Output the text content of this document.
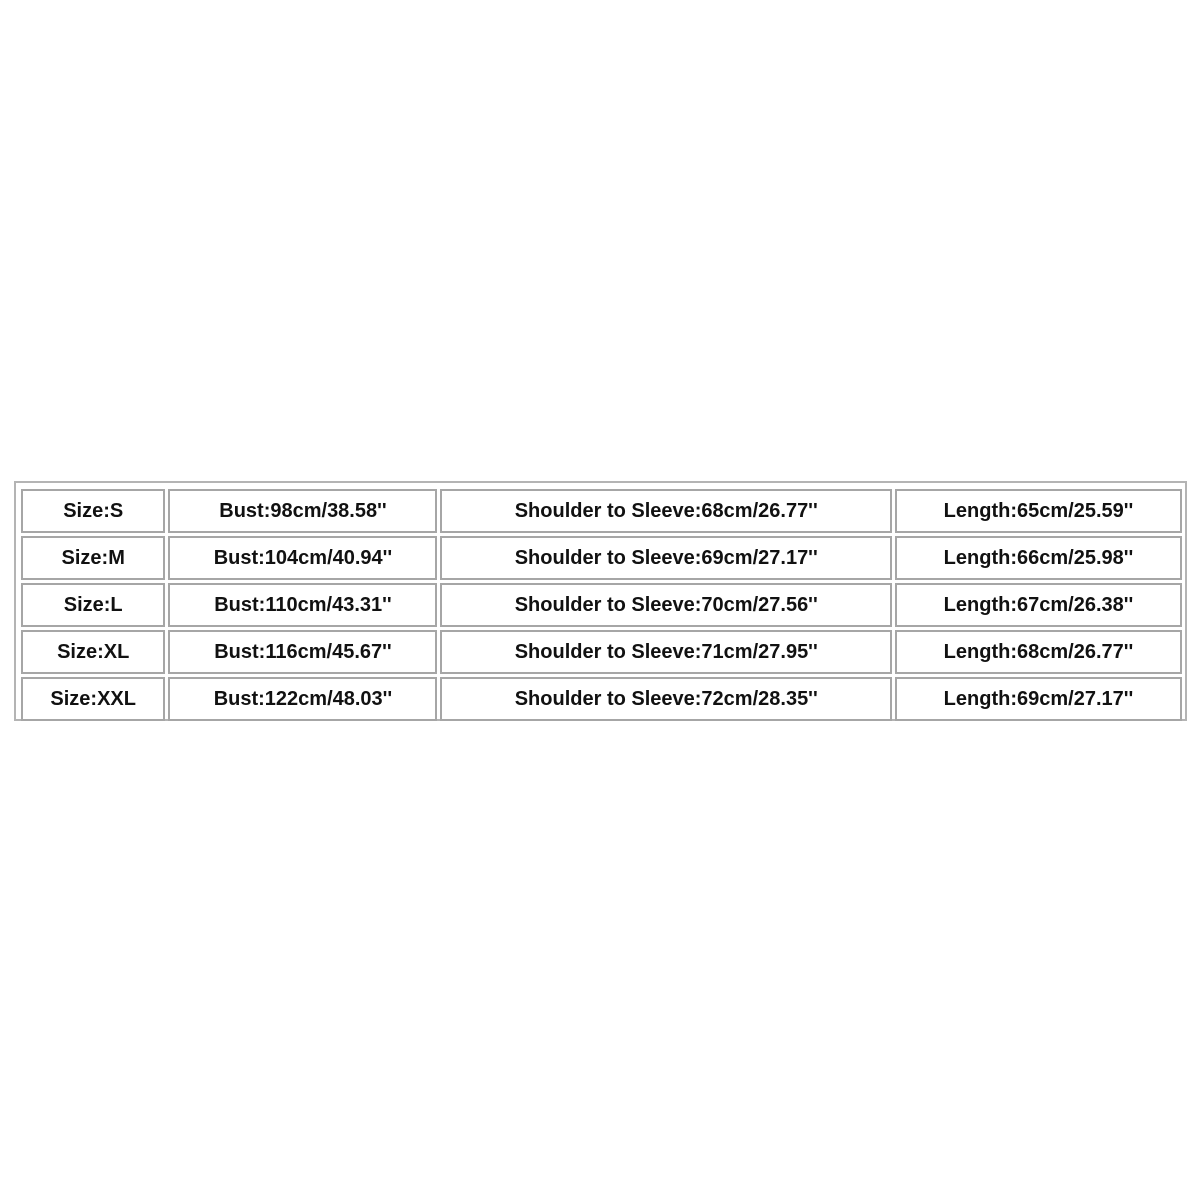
Size:S	Bust:98cm/38.58''	Shoulder to Sleeve:68cm/26.77''	Length:65cm/25.59''
Size:M	Bust:104cm/40.94''	Shoulder to Sleeve:69cm/27.17''	Length:66cm/25.98''
Size:L	Bust:110cm/43.31''	Shoulder to Sleeve:70cm/27.56''	Length:67cm/26.38''
Size:XL	Bust:116cm/45.67''	Shoulder to Sleeve:71cm/27.95''	Length:68cm/26.77''
Size:XXL	Bust:122cm/48.03''	Shoulder to Sleeve:72cm/28.35''	Length:69cm/27.17''
